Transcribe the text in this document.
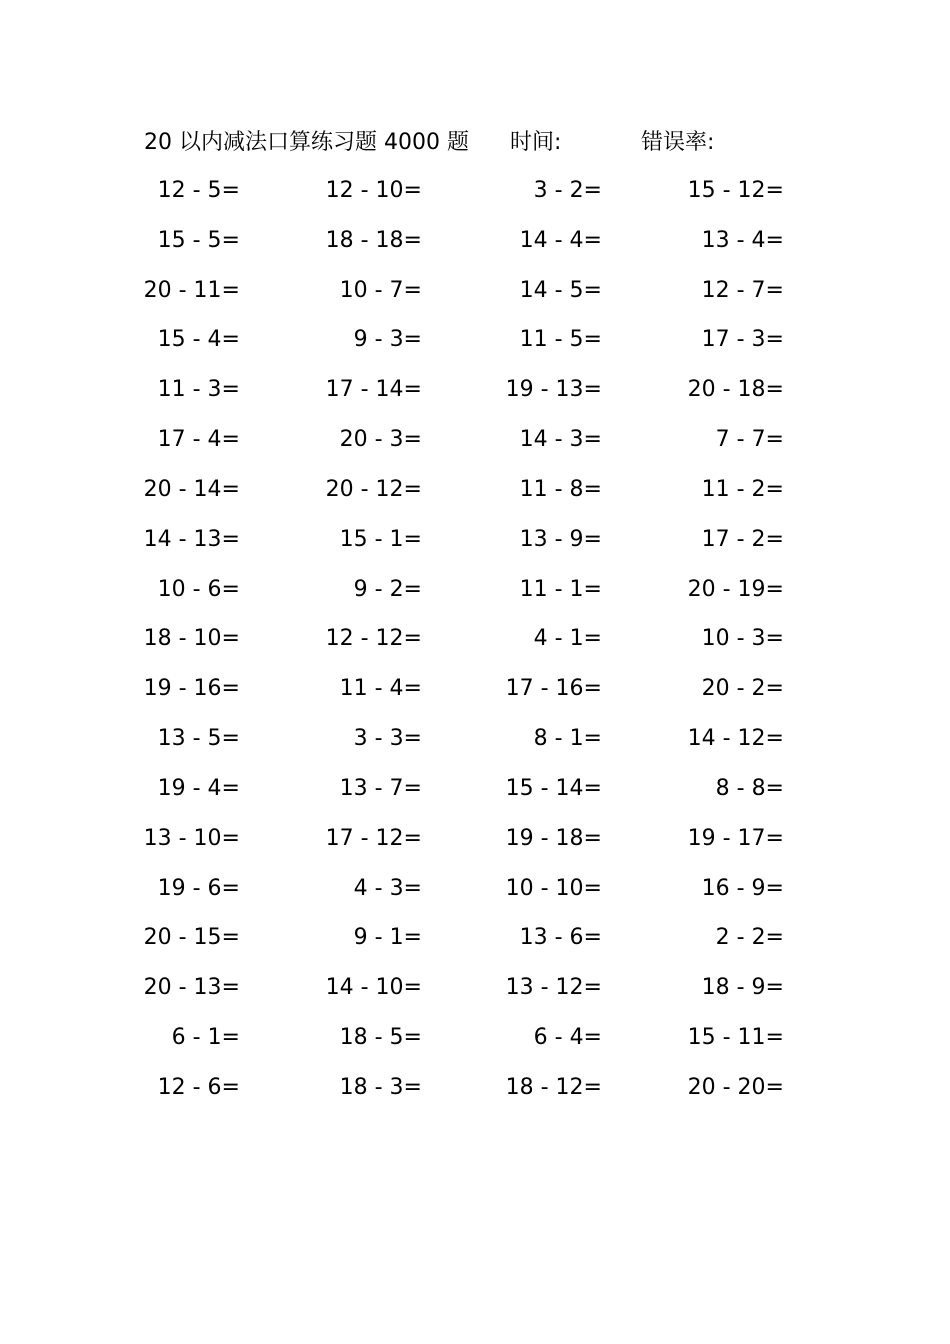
20 以内减法口算练习题 4000 题 时间:	错误率:
12 - 5=	12 - 10=	3 - 2=	15 - 12=
15 - 5=	18 - 18=	14 - 4=	13 - 4=
20 - 11=	10 - 7=	14 - 5=	12 - 7=
15 - 4=	9 - 3=	11 - 5=	17 - 3=
11 - 3=	17 - 14=	19 - 13=	20 - 18=
17 - 4=	20 - 3=	14 - 3=	7 - 7=
20 - 14=	20 - 12=	11 - 8=	11 - 2=
14 - 13=	15 - 1=	13 - 9=	17 - 2=
10 - 6=	9 - 2=	11 - 1=	20 - 19=
18 - 10=	12 - 12=	4 - 1=	10 - 3=
19 - 16=	11 - 4=	17 - 16=	20 - 2=
13 - 5=	3 - 3=	8 - 1=	14 - 12=
19 - 4=	13 - 7=	15 - 14=	8 - 8=
13 - 10=	17 - 12=	19 - 18=	19 - 17=
19 - 6=	4 - 3=	10 - 10=	16 - 9=
20 - 15=	9 - 1=	13 - 6=	2 - 2=
20 - 13=	14 - 10=	13 - 12=	18 - 9=
6 - 1=	18 - 5=	6 - 4=	15 - 11=
12 - 6=	18 - 3=	18 - 12=	20 - 20=
